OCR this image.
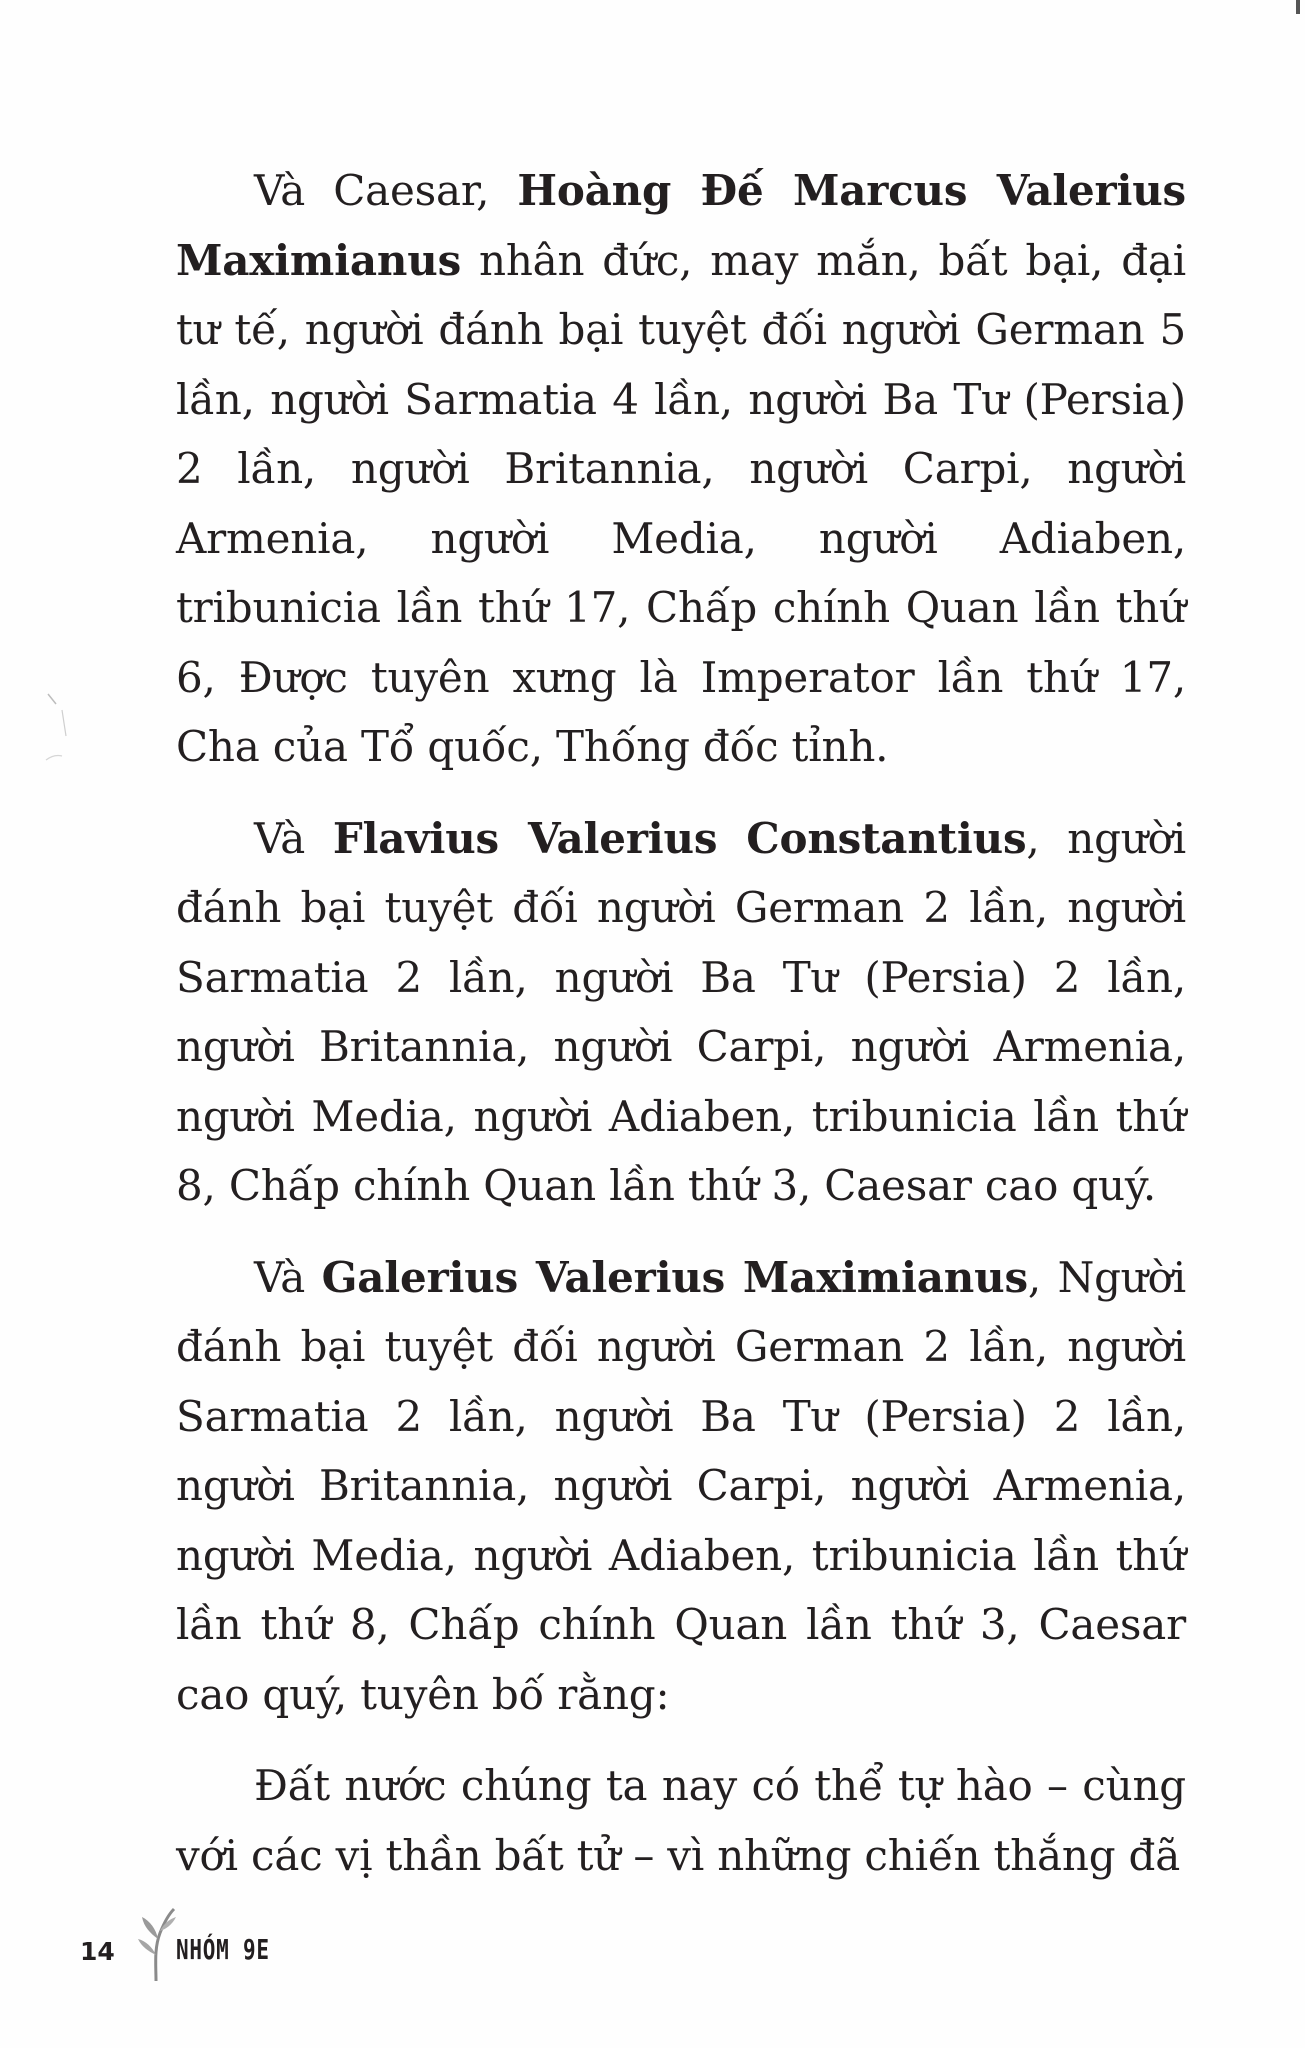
Và Caesar, Hoàng Đế Marcus Valerius Maximianus nhân đức, may mắn, bất bại, đại tư tế, người đánh bại tuyệt đối người German 5 lần, người Sarmatia 4 lần, người Ba Tư (Persia) 2 lần, người Britannia, người Carpi, người Armenia, người Media, người Adiaben, tribunicia lần thứ 17, Chấp chính Quan lần thứ 6, Được tuyên xưng là Imperator lần thứ 17, Cha của Tổ quốc, Thống đốc tỉnh.

Và Flavius Valerius Constantius, người đánh bại tuyệt đối người German 2 lần, người Sarmatia 2 lần, người Ba Tư (Persia) 2 lần, người Britannia, người Carpi, người Armenia, người Media, người Adiaben, tribunicia lần thứ 8, Chấp chính Quan lần thứ 3, Caesar cao quý.

Và Galerius Valerius Maximianus, Người đánh bại tuyệt đối người German 2 lần, người Sarmatia 2 lần, người Ba Tư (Persia) 2 lần, người Britannia, người Carpi, người Armenia, người Media, người Adiaben, tribunicia lần thứ lần thứ 8, Chấp chính Quan lần thứ 3, Caesar cao quý, tuyên bố rằng:

Đất nước chúng ta nay có thể tự hào – cùng với các vị thần bất tử – vì những chiến thắng đã

14 NHÓM 9E
